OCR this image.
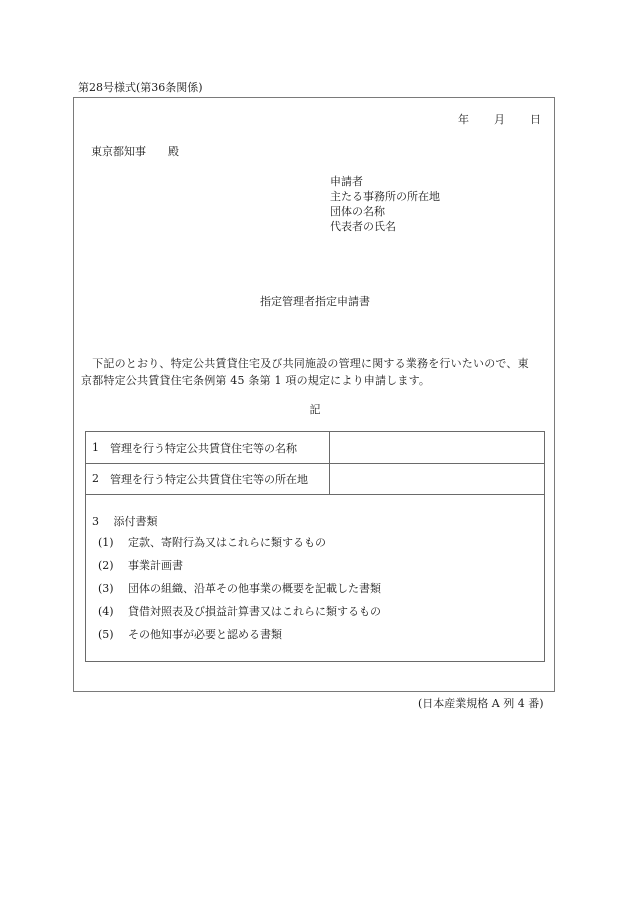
第28号様式(第36条関係)
年 月 日
東京都知事 殿
申請者
主たる事務所の所在地
団体の名称
代表者の氏名
指定管理者指定申請書
　下記のとおり、特定公共賃貸住宅及び共同施設の管理に関する業務を行いたいので、東
京都特定公共賃貸住宅条例第 45 条第 1 項の規定により申請します。
記
1	管理を行う特定公共賃貸住宅等の名称
2	管理を行う特定公共賃貸住宅等の所在地
3 添付書類
(1) 定款、寄附行為又はこれらに類するもの
(2) 事業計画書
(3) 団体の組織、沿革その他事業の概要を記載した書類
(4) 貸借対照表及び損益計算書又はこれらに類するもの
(5) その他知事が必要と認める書類
(日本産業規格 A 列 4 番)
